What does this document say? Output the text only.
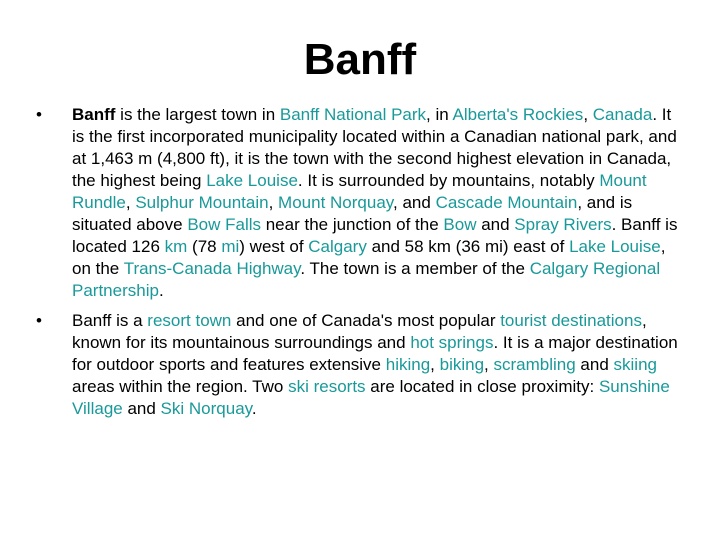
Banff
• Banff is the largest town in Banff National Park, in Alberta's Rockies, Canada. It is the first incorporated municipality located within a Canadian national park, and at 1,463 m (4,800 ft), it is the town with the second highest elevation in Canada, the highest being Lake Louise. It is surrounded by mountains, notably Mount Rundle, Sulphur Mountain, Mount Norquay, and Cascade Mountain, and is situated above Bow Falls near the junction of the Bow and Spray Rivers. Banff is located 126 km (78 mi) west of Calgary and 58 km (36 mi) east of Lake Louise, on the Trans-Canada Highway. The town is a member of the Calgary Regional Partnership.
• Banff is a resort town and one of Canada's most popular tourist destinations, known for its mountainous surroundings and hot springs. It is a major destination for outdoor sports and features extensive hiking, biking, scrambling and skiing areas within the region. Two ski resorts are located in close proximity: Sunshine Village and Ski Norquay.
